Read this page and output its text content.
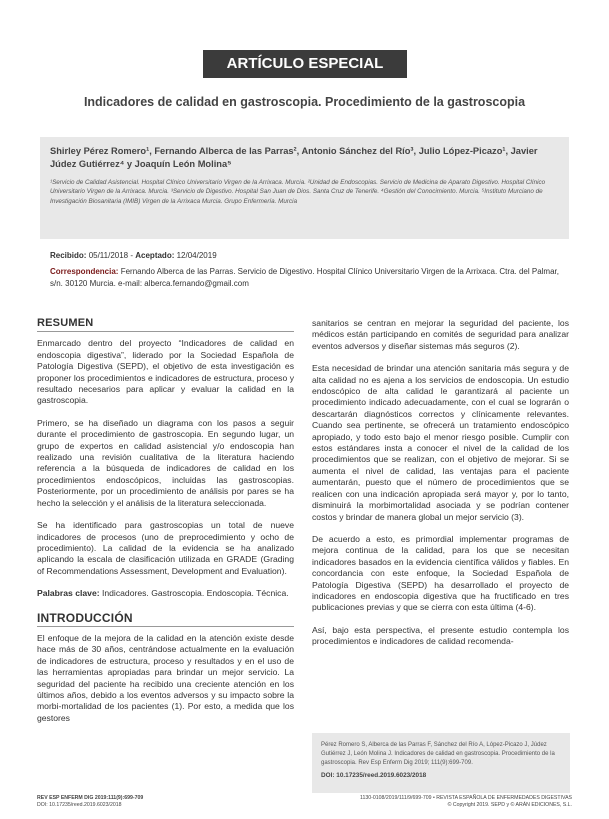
ARTÍCULO ESPECIAL
Indicadores de calidad en gastroscopia. Procedimiento de la gastroscopia
Shirley Pérez Romero¹, Fernando Alberca de las Parras², Antonio Sánchez del Río³, Julio López-Picazo¹, Javier Júdez Gutiérrez⁴ y Joaquín León Molina⁵
¹Servicio de Calidad Asistencial. Hospital Clínico Universitario Virgen de la Arrixaca. Murcia. ²Unidad de Endoscopias. Servicio de Medicina de Aparato Digestivo. Hospital Clínico Universitario Virgen de la Arrixaca. Murcia. ³Servicio de Digestivo. Hospital San Juan de Dios. Santa Cruz de Tenerife. ⁴Gestión del Conocimiento. Murcia. ⁵Instituto Murciano de Investigación Biosanitaria (IMIB) Virgen de la Arrixaca Murcia. Grupo Enfermería. Murcia
Recibido: 05/11/2018 - Aceptado: 12/04/2019
Correspondencia: Fernando Alberca de las Parras. Servicio de Digestivo. Hospital Clínico Universitario Virgen de la Arrixaca. Ctra. del Palmar, s/n. 30120 Murcia. e-mail: alberca.fernando@gmail.com
RESUMEN

Enmarcado dentro del proyecto “Indicadores de calidad en endoscopia digestiva”, liderado por la Sociedad Española de Patología Digestiva (SEPD), el objetivo de esta investigación es proponer los procedimientos e indicadores de estructura, proceso y resultado necesarios para aplicar y evaluar la calidad en la gastroscopia.

Primero, se ha diseñado un diagrama con los pasos a seguir durante el procedimiento de gastroscopia. En segundo lugar, un grupo de expertos en calidad asistencial y/o endoscopia han realizado una revisión cualitativa de la literatura haciendo referencia a la búsqueda de indicadores de calidad en los procedimientos endoscópicos, incluidas las gastroscopias. Posteriormente, por un procedimiento de análisis por pares se ha hecho la selección y el análisis de la literatura seleccionada.

Se ha identificado para gastroscopias un total de nueve indicadores de procesos (uno de preprocedimiento y ocho de procedimiento). La calidad de la evidencia se ha analizado aplicando la escala de clasificación utilizada en GRADE (Grading of Recommendations Assessment, Development and Evaluation).

Palabras clave: Indicadores. Gastroscopia. Endoscopia. Técnica.

INTRODUCCIÓN

El enfoque de la mejora de la calidad en la atención existe desde hace más de 30 años, centrándose actualmente en la evaluación de indicadores de estructura, proceso y resultados y en el uso de las herramientas apropiadas para brindar un mejor servicio. La seguridad del paciente ha recibido una creciente atención en los últimos años, debido a los eventos adversos y su impacto sobre la morbi-mortalidad de los pacientes (1). Por esto, a medida que los gestores

sanitarios se centran en mejorar la seguridad del paciente, los médicos están participando en comités de seguridad para analizar eventos adversos y diseñar sistemas más seguros (2).

Esta necesidad de brindar una atención sanitaria más segura y de alta calidad no es ajena a los servicios de endoscopia. Un estudio endoscópico de alta calidad le garantizará al paciente un procedimiento indicado adecuadamente, con el cual se lograrán o descartarán diagnósticos correctos y clínicamente relevantes. Cuando sea pertinente, se ofrecerá un tratamiento endoscópico apropiado, y todo esto bajo el menor riesgo posible. Cumplir con estos estándares insta a conocer el nivel de la calidad de los procedimientos que se realizan, con el objetivo de mejorar. Si se aumenta el nivel de calidad, las ventajas para el paciente aumentarán, puesto que el número de procedimientos que se realicen con una indicación apropiada será mayor y, por lo tanto, disminuirá la morbimortalidad asociada y se podrían contener costos y brindar de manera global un mejor servicio (3).

De acuerdo a esto, es primordial implementar programas de mejora continua de la calidad, para los que se necesitan indicadores basados en la evidencia científica válidos y fiables. En concordancia con este enfoque, la Sociedad Española de Patología Digestiva (SEPD) ha desarrollado el proyecto de indicadores en endoscopia digestiva que ha fructificado en tres publicaciones previas y que se cierra con esta última (4-6).

Así, bajo esta perspectiva, el presente estudio contempla los procedimientos e indicadores de calidad recomenda-

Pérez Romero S, Alberca de las Parras F, Sánchez del Río A, López-Picazo J, Júdez Gutiérrez J, León Molina J. Indicadores de calidad en gastroscopia. Procedimiento de la gastroscopia. Rev Esp Enferm Dig 2019; 111(9):699-709.
DOI: 10.17235/reed.2019.6023/2018
REV ESP ENFERM DIG 2019:111(9):699-709
DOI: 10.17235/reed.2019.6023/2018
1130-0108/2019/111/9/699-709 • REVISTA ESPAÑOLA DE ENFERMEDADES DIGESTIVAS
© Copyright 2019. SEPD y © ARÁN EDICIONES, S.L.
